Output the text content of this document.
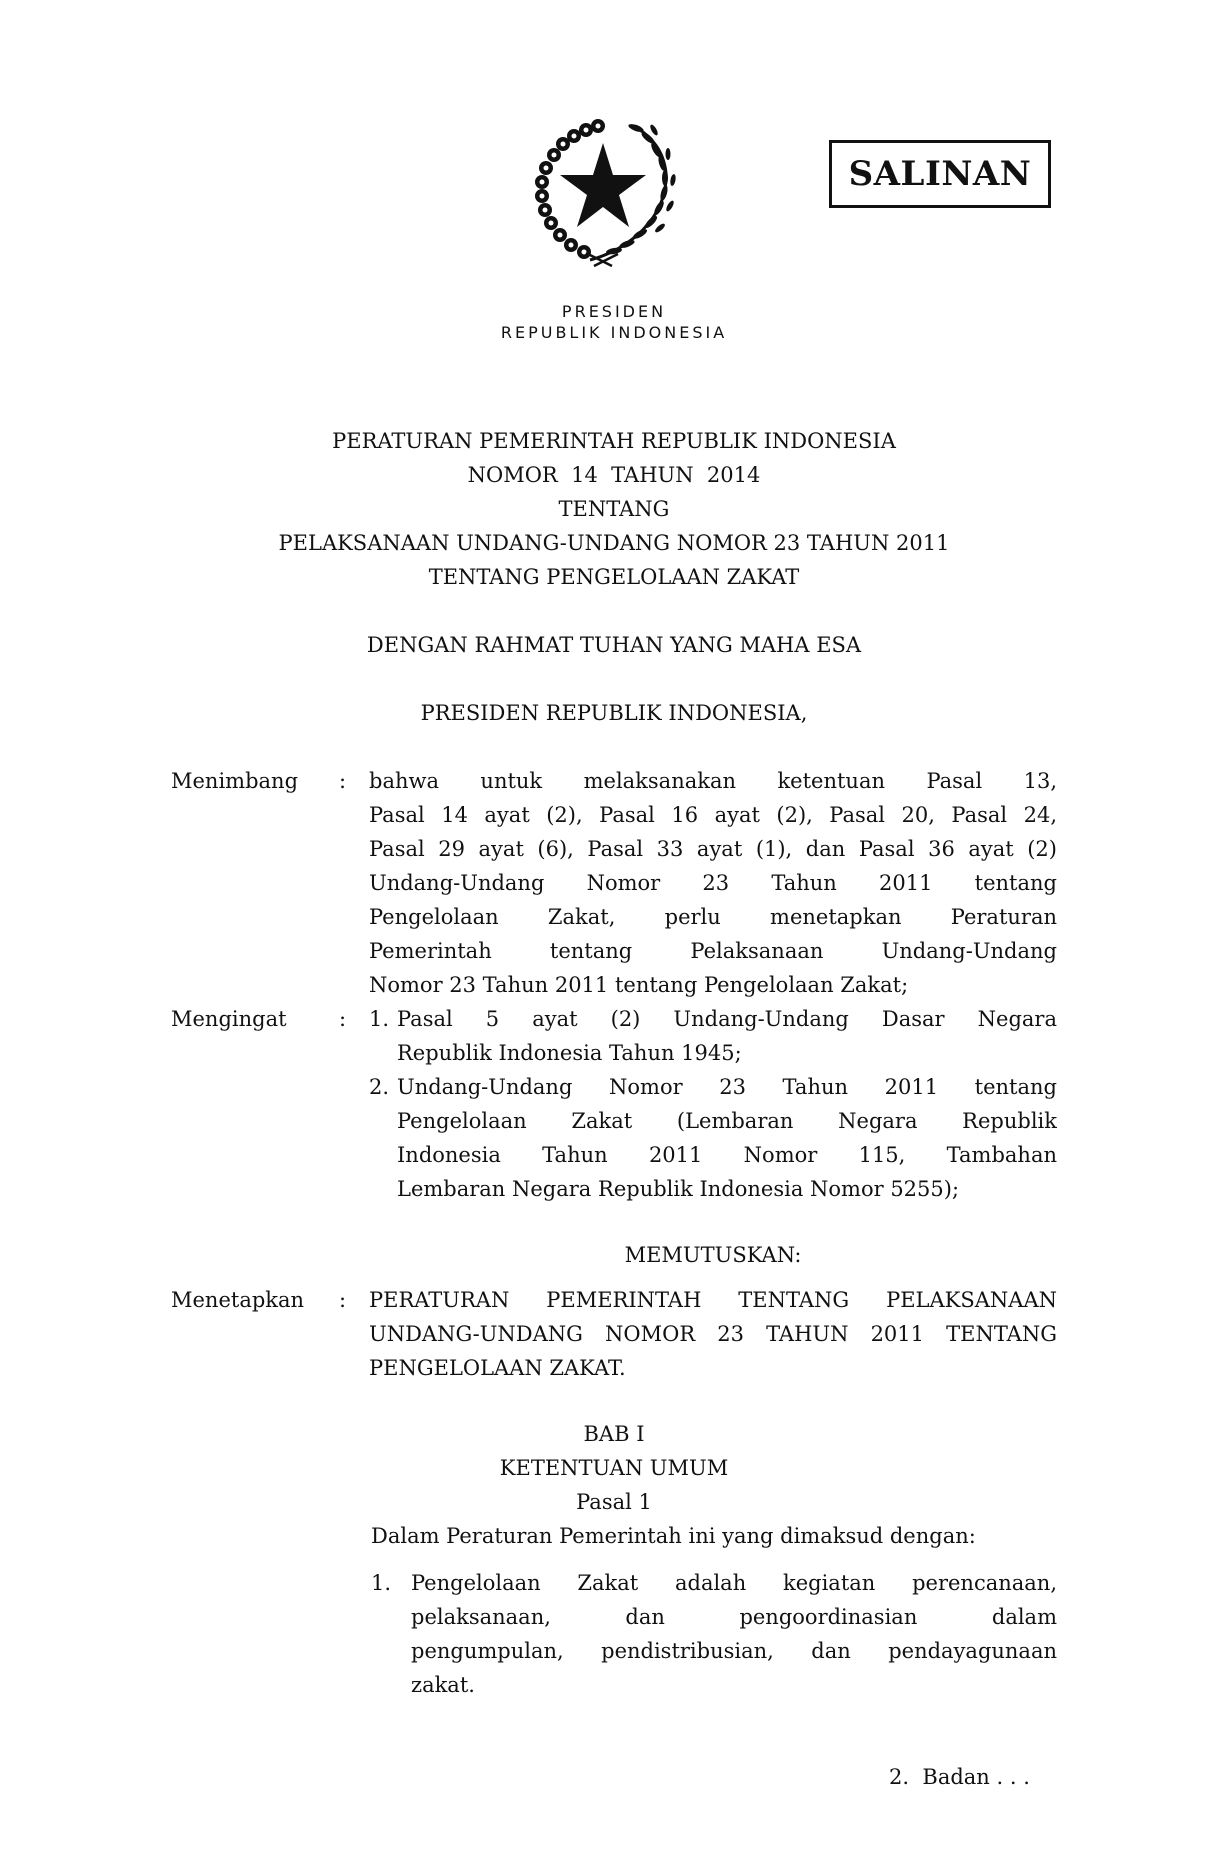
SALINAN
PRESIDEN
REPUBLIK INDONESIA
PERATURAN PEMERINTAH REPUBLIK INDONESIA
NOMOR  14  TAHUN  2014
TENTANG
PELAKSANAAN UNDANG-UNDANG NOMOR 23 TAHUN 2011
TENTANG PENGELOLAAN ZAKAT
DENGAN RAHMAT TUHAN YANG MAHA ESA
PRESIDEN REPUBLIK INDONESIA,
Menimbang : bahwa untuk melaksanakan ketentuan Pasal 13,
Pasal 14 ayat (2), Pasal 16 ayat (2), Pasal 20, Pasal 24,
Pasal 29 ayat (6), Pasal 33 ayat (1), dan Pasal 36 ayat (2)
Undang-Undang Nomor 23 Tahun 2011 tentang
Pengelolaan Zakat, perlu menetapkan Peraturan
Pemerintah tentang Pelaksanaan Undang-Undang
Nomor 23 Tahun 2011 tentang Pengelolaan Zakat;
Mengingat : 1. Pasal 5 ayat (2) Undang-Undang Dasar Negara
Republik Indonesia Tahun 1945;
2. Undang-Undang Nomor 23 Tahun 2011 tentang
Pengelolaan Zakat (Lembaran Negara Republik
Indonesia Tahun 2011 Nomor 115, Tambahan
Lembaran Negara Republik Indonesia Nomor 5255);
MEMUTUSKAN:
Menetapkan : PERATURAN PEMERINTAH TENTANG PELAKSANAAN
UNDANG-UNDANG NOMOR 23 TAHUN 2011 TENTANG
PENGELOLAAN ZAKAT.
BAB I
KETENTUAN UMUM
Pasal 1
Dalam Peraturan Pemerintah ini yang dimaksud dengan:
1. Pengelolaan Zakat adalah kegiatan perencanaan,
pelaksanaan, dan pengoordinasian dalam
pengumpulan, pendistribusian, dan pendayagunaan
zakat.
2.  Badan . . .
